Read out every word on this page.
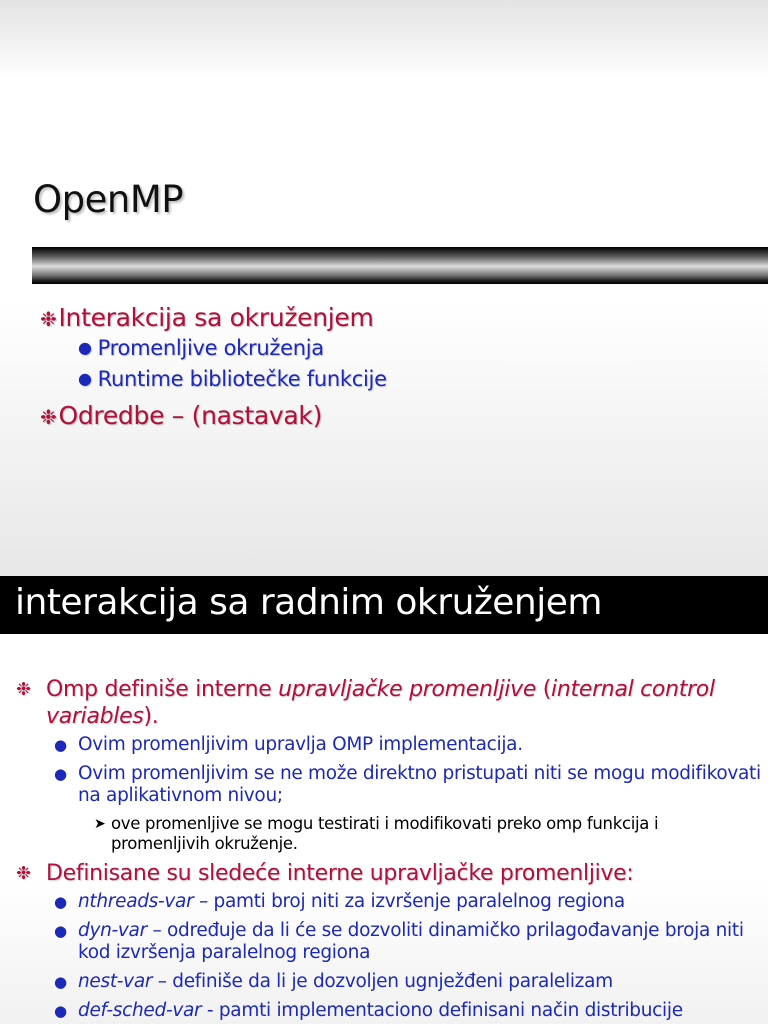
OpenMP
❉Interakcija sa okruženjem
● Promenljive okruženja
● Runtime bibliotečke funkcije
❉Odredbe – (nastavak)
interakcija sa radnim okruženjem
❉ Omp definiše interne upravljačke promenljive (internal control variables).
● Ovim promenljivim upravlja OMP implementacija.
● Ovim promenljivim se ne može direktno pristupati niti se mogu modifikovati na aplikativnom nivou;
➤ ove promenljive se mogu testirati i modifikovati preko omp funkcija i promenljivih okruženje.
❉ Definisane su sledeće interne upravljačke promenljive:
● nthreads-var – pamti broj niti za izvršenje paralelnog regiona
● dyn-var – određuje da li će se dozvoliti dinamičko prilagođavanje broja niti kod izvršenja paralelnog regiona
● nest-var – definiše da li je dozvoljen ugnježđeni paralelizam
● def-sched-var - pamti implementaciono definisani način distribucije
